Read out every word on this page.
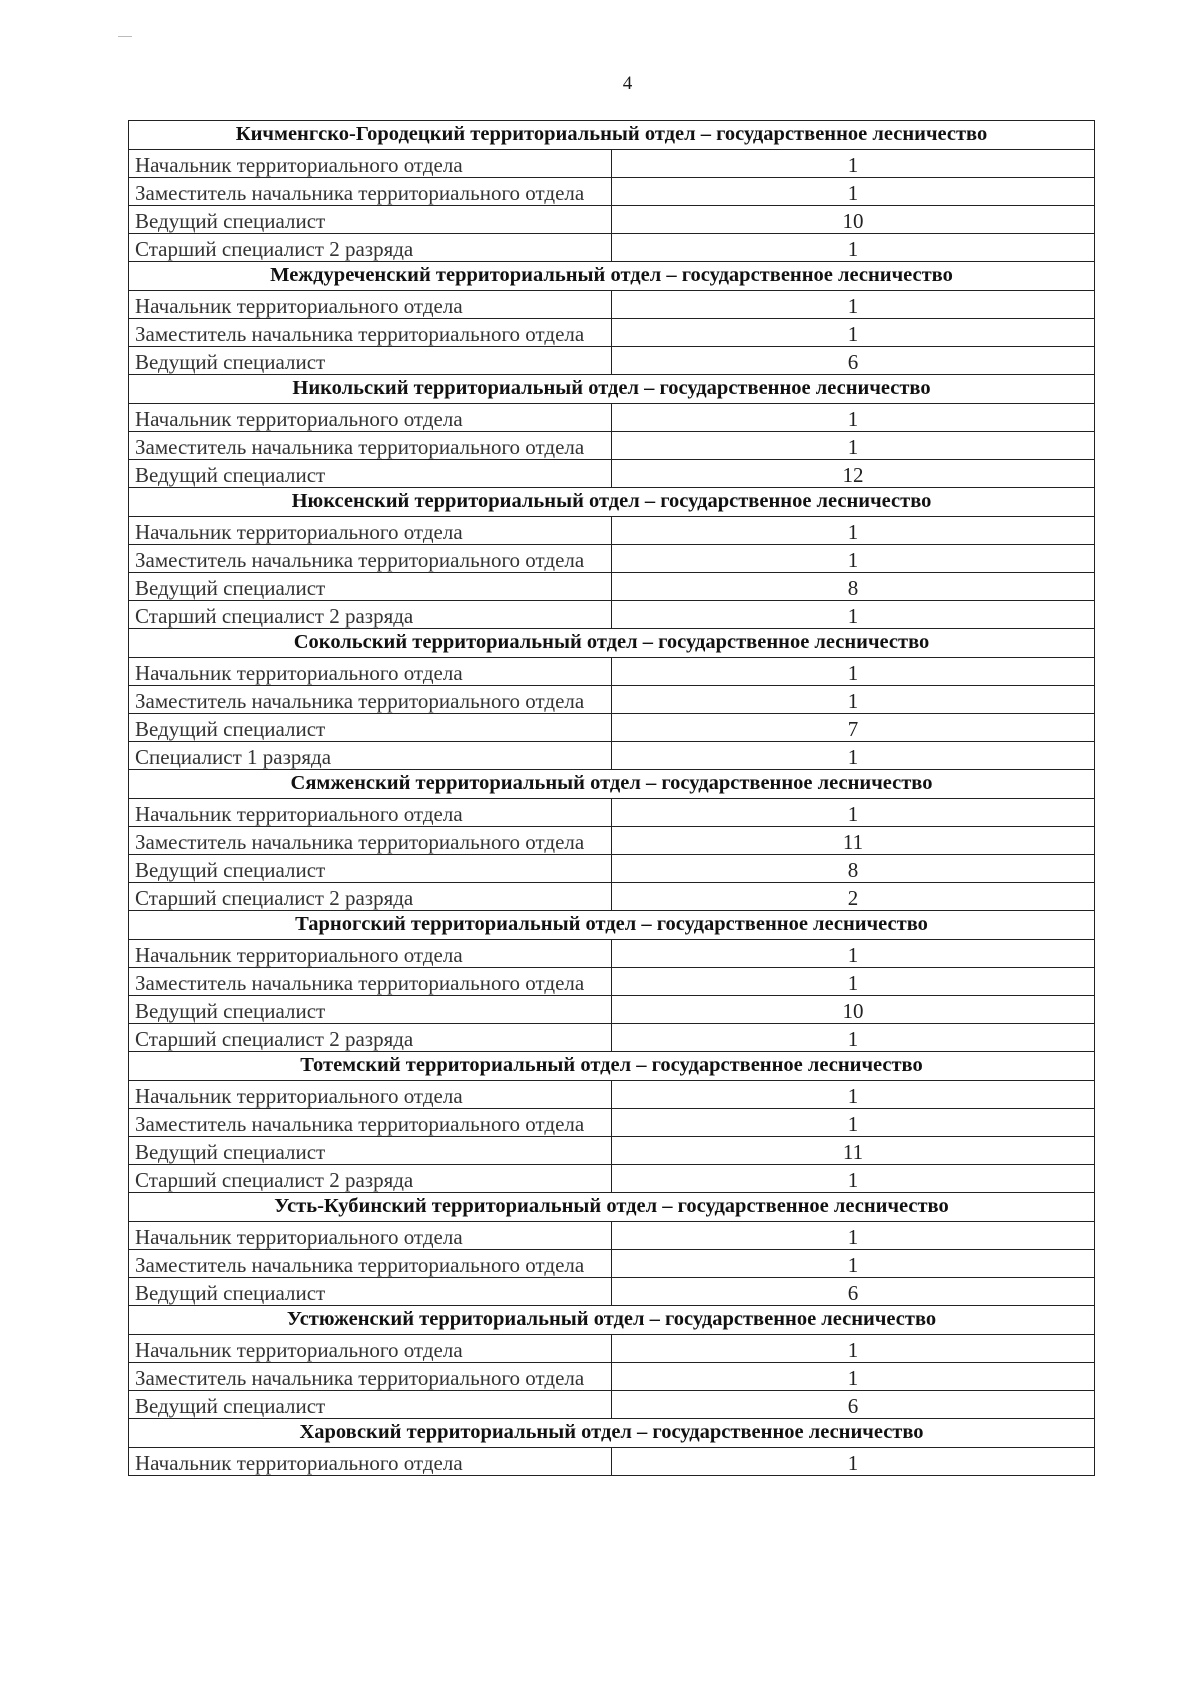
4
Кичменгско-Городецкий территориальный отдел – государственное лесничество	
Начальник территориального отдела	1
Заместитель начальника территориального отдела	1
Ведущий специалист	10
Старший специалист 2 разряда	1
Междуреченский территориальный отдел – государственное лесничество	
Начальник территориального отдела	1
Заместитель начальника территориального отдела	1
Ведущий специалист	6
Никольский территориальный отдел – государственное лесничество	
Начальник территориального отдела	1
Заместитель начальника территориального отдела	1
Ведущий специалист	12
Нюксенский территориальный отдел – государственное лесничество	
Начальник территориального отдела	1
Заместитель начальника территориального отдела	1
Ведущий специалист	8
Старший специалист 2 разряда	1
Сокольский территориальный отдел – государственное лесничество	
Начальник территориального отдела	1
Заместитель начальника территориального отдела	1
Ведущий специалист	7
Специалист 1 разряда	1
Сямженский территориальный отдел – государственное лесничество	
Начальник территориального отдела	1
Заместитель начальника территориального отдела	11
Ведущий специалист	8
Старший специалист 2 разряда	2
Тарногский территориальный отдел – государственное лесничество	
Начальник территориального отдела	1
Заместитель начальника территориального отдела	1
Ведущий специалист	10
Старший специалист 2 разряда	1
Тотемский территориальный отдел – государственное лесничество	
Начальник территориального отдела	1
Заместитель начальника территориального отдела	1
Ведущий специалист	11
Старший специалист 2 разряда	1
Усть-Кубинский территориальный отдел – государственное лесничество	
Начальник территориального отдела	1
Заместитель начальника территориального отдела	1
Ведущий специалист	6
Устюженский территориальный отдел – государственное лесничество	
Начальник территориального отдела	1
Заместитель начальника территориального отдела	1
Ведущий специалист	6
Харовский территориальный отдел – государственное лесничество	
Начальник территориального отдела	1
